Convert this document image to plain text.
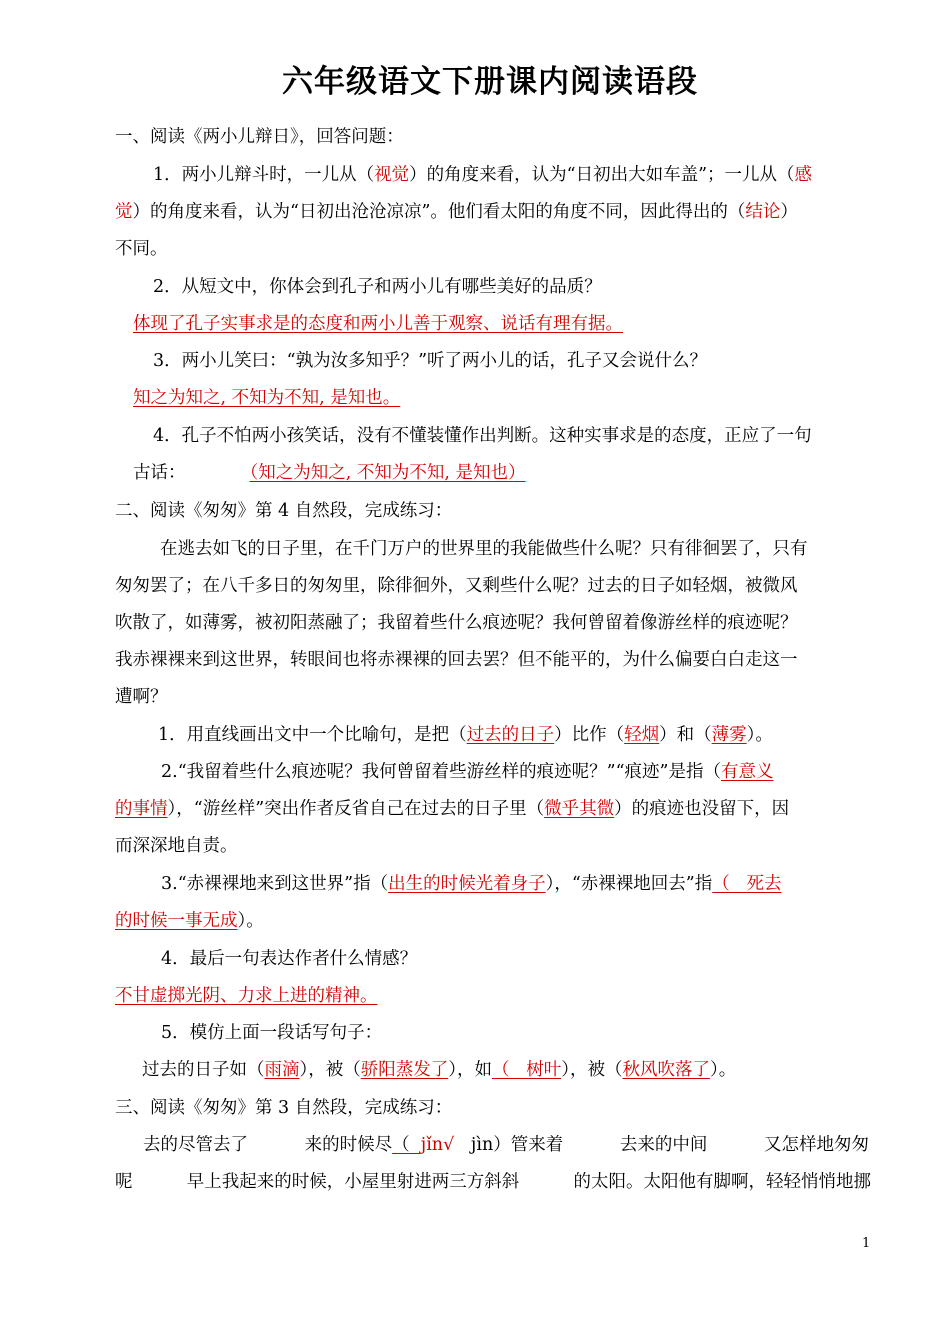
六年级语文下册课内阅读语段
一、阅读《两小儿辩日》，回答问题：
1．两小儿辩斗时，一儿从（视觉）的角度来看，认为“日初出大如车盖”；一儿从（感
觉）的角度来看，认为“日初出沧沧凉凉”。他们看太阳的角度不同，因此得出的（结论）
不同。
2．从短文中，你体会到孔子和两小儿有哪些美好的品质？
体现了孔子实事求是的态度和两小儿善于观察、说话有理有据。
3．两小儿笑曰：“孰为汝多知乎？”听了两小儿的话，孔子又会说什么？
知之为知之, 不知为不知, 是知也。
4．孔子不怕两小孩笑话，没有不懂装懂作出判断。这种实事求是的态度，正应了一句
古话：	（知之为知之, 不知为不知, 是知也）
二、阅读《匆匆》第 4 自然段，完成练习：
在逃去如飞的日子里，在千门万户的世界里的我能做些什么呢？只有徘徊罢了，只有
匆匆罢了；在八千多日的匆匆里，除徘徊外，又剩些什么呢？过去的日子如轻烟，被微风
吹散了，如薄雾，被初阳蒸融了；我留着些什么痕迹呢？我何曾留着像游丝样的痕迹呢？
我赤裸裸来到这世界，转眼间也将赤裸裸的回去罢？但不能平的，为什么偏要白白走这一
遭啊？
1．用直线画出文中一个比喻句，是把（过去的日子）比作（轻烟）和（薄雾）。
2.“我留着些什么痕迹呢？我何曾留着些游丝样的痕迹呢？”“痕迹”是指（有意义
的事情），“游丝样”突出作者反省自己在过去的日子里（微乎其微）的痕迹也没留下，因
而深深地自责。
3.“赤裸裸地来到这世界”指（出生的时候光着身子），“赤裸裸地回去”指（   死去
的时候一事无成）。
4．最后一句表达作者什么情感？
不甘虚掷光阴、力求上进的精神。
5．模仿上面一段话写句子：
过去的日子如（雨滴），被（骄阳蒸发了），如（   树叶），被（秋风吹落了）。
三、阅读《匆匆》第 3 自然段，完成练习：
去的尽管去了	来的时候尽（  jǐn√   jìn）管来着	去来的中间	又怎样地匆匆
呢	早上我起来的时候，小屋里射进两三方斜斜	的太阳。太阳他有脚啊，轻轻悄悄地挪
1
